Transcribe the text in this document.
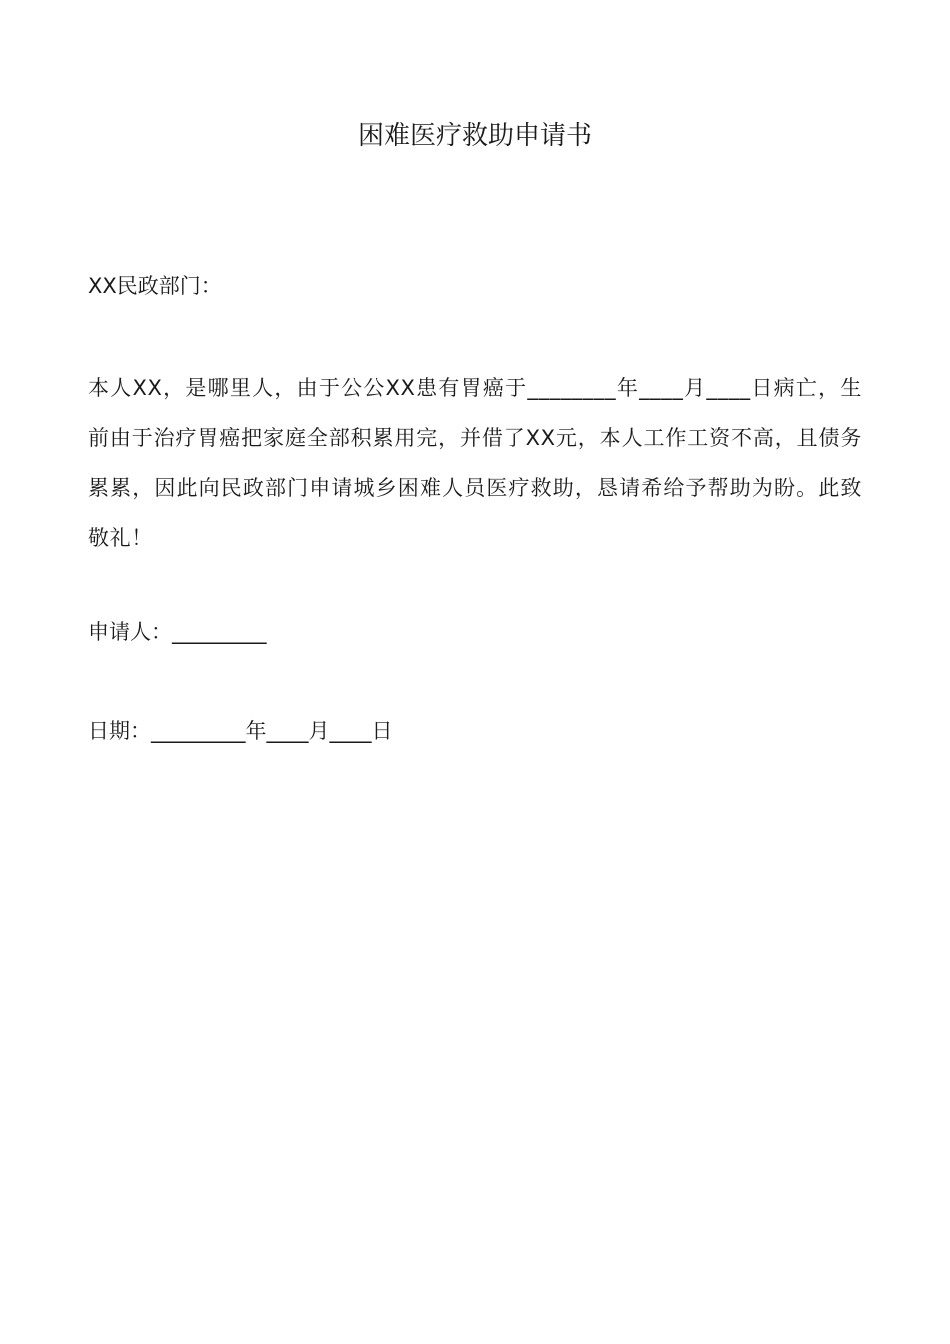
困难医疗救助申请书
XX民政部门：
本人XX，是哪里人，由于公公XX患有胃癌于________年____月____日病亡，生前由于治疗胃癌把家庭全部积累用完，并借了XX元，本人工作工资不高，且债务累累，因此向民政部门申请城乡困难人员医疗救助，恳请希给予帮助为盼。此致敬礼！
申请人：_________
日期：_________年____月____日
